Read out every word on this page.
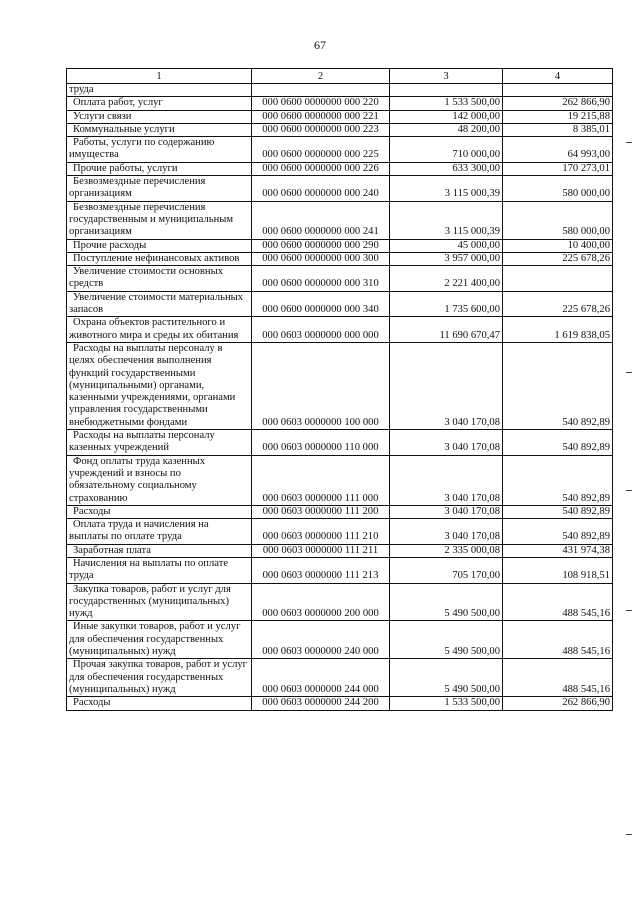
67
1	2	3	4
труда			

Оплата работ, услуг	000 0600 0000000 000 220	1 533 500,00	262 866,90

Услуги связи	000 0600 0000000 000 221	142 000,00	19 215,88

Коммунальные услуги	000 0600 0000000 000 223	48 200,00	8 385,01

Работы, услуги по содержанию имущества	000 0600 0000000 000 225	710 000,00	64 993,00

Прочие работы, услуги	000 0600 0000000 000 226	633 300,00	170 273,01

Безвозмездные перечисления организациям	000 0600 0000000 000 240	3 115 000,39	580 000,00

Безвозмездные перечисления государственным и муниципальным организациям	000 0600 0000000 000 241	3 115 000,39	580 000,00

Прочие расходы	000 0600 0000000 000 290	45 000,00	10 400,00

Поступление нефинансовых активов	000 0600 0000000 000 300	3 957 000,00	225 678,26

Увеличение стоимости основных средств	000 0600 0000000 000 310	2 221 400,00	

Увеличение стоимости материальных запасов	000 0600 0000000 000 340	1 735 600,00	225 678,26

Охрана объектов растительного и животного мира и среды их обитания	000 0603 0000000 000 000	11 690 670,47	1 619 838,05

Расходы на выплаты персоналу в целях обеспечения выполнения функций государственными (муниципальными) органами, казенными учреждениями, органами управления государственными внебюджетными фондами	000 0603 0000000 100 000	3 040 170,08	540 892,89

Расходы на выплаты персоналу казенных учреждений	000 0603 0000000 110 000	3 040 170,08	540 892,89

Фонд оплаты труда казенных учреждений и взносы по обязательному социальному страхованию	000 0603 0000000 111 000	3 040 170,08	540 892,89

Расходы	000 0603 0000000 111 200	3 040 170,08	540 892,89

Оплата труда и начисления на выплаты по оплате труда	000 0603 0000000 111 210	3 040 170,08	540 892,89

Заработная плата	000 0603 0000000 111 211	2 335 000,08	431 974,38

Начисления на выплаты по оплате труда	000 0603 0000000 111 213	705 170,00	108 918,51

Закупка товаров, работ и услуг для государственных (муниципальных) нужд	000 0603 0000000 200 000	5 490 500,00	488 545,16

Иные закупки товаров, работ и услуг для обеспечения государственных (муниципальных) нужд	000 0603 0000000 240 000	5 490 500,00	488 545,16

Прочая закупка товаров, работ и услуг для обеспечения государственных (муниципальных) нужд	000 0603 0000000 244 000	5 490 500,00	488 545,16

Расходы	000 0603 0000000 244 200	1 533 500,00	262 866,90
